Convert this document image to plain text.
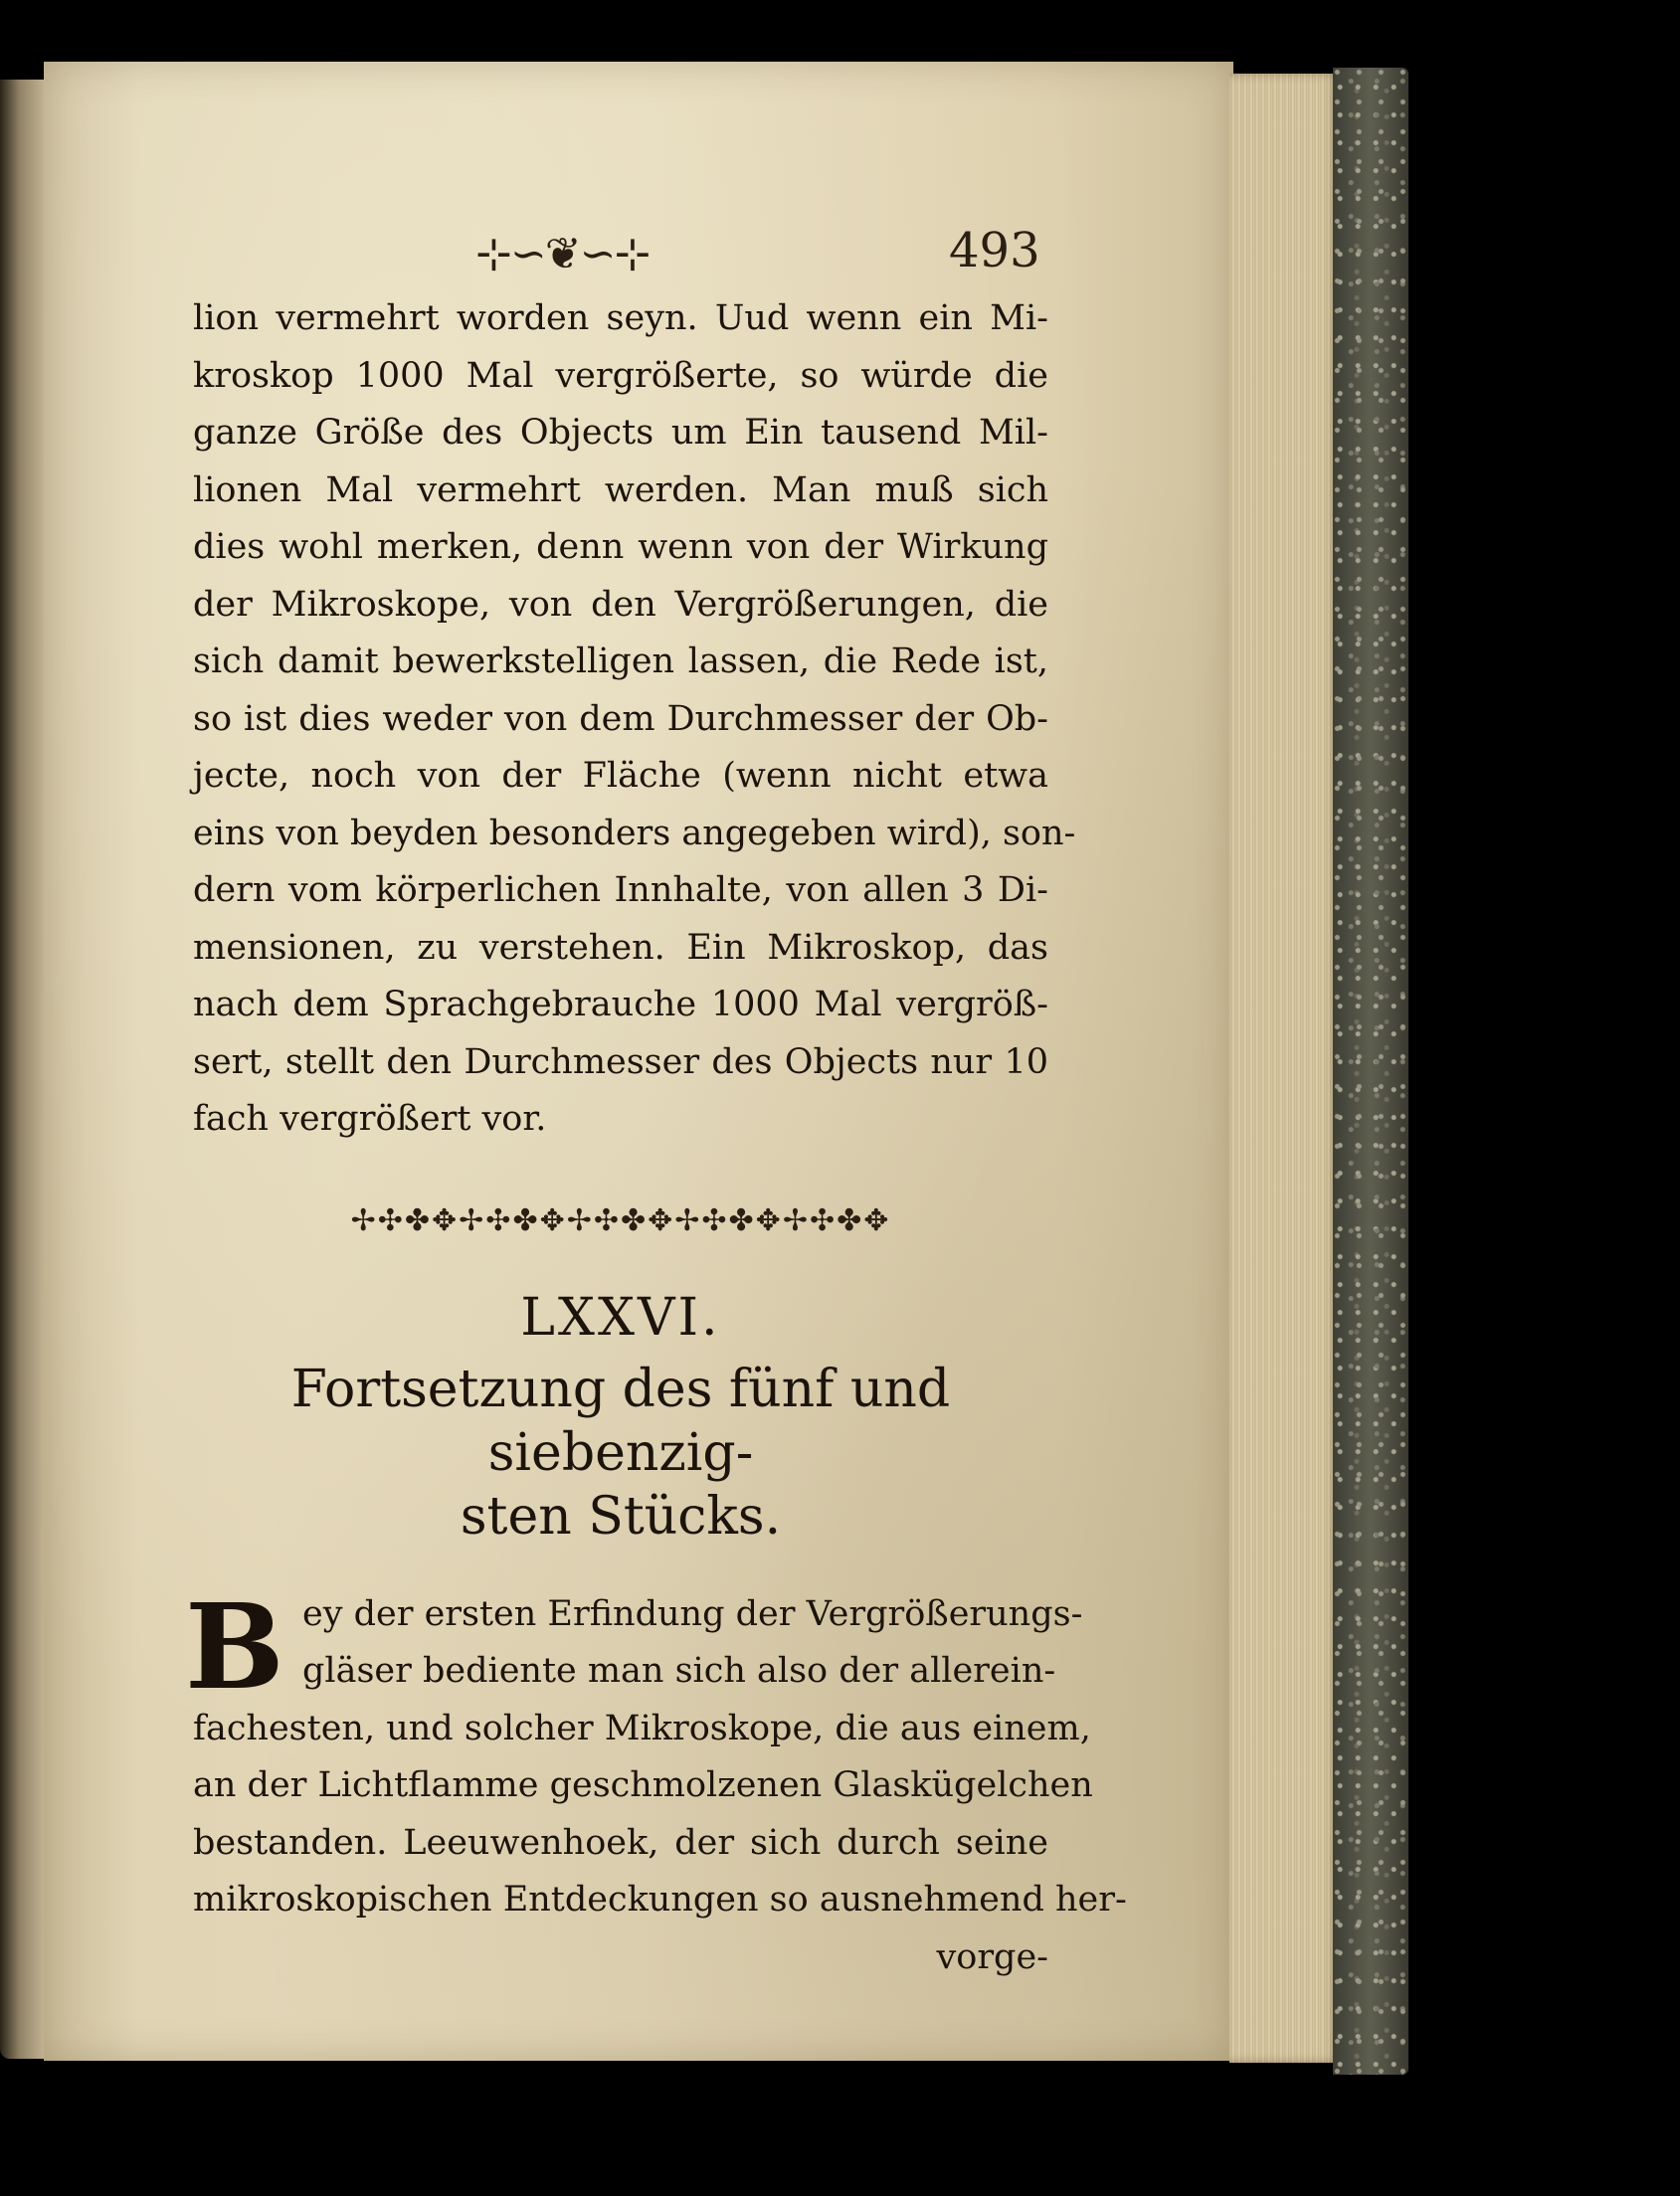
⊹∽❦∽⊹	493
lion vermehrt worden seyn. Uud wenn ein Mi-
kroskop 1000 Mal vergrößerte, so würde die
ganze Größe des Objects um Ein tausend Mil-
lionen Mal vermehrt werden. Man muß sich
dies wohl merken, denn wenn von der Wirkung
der Mikroskope, von den Vergrößerungen, die
sich damit bewerkstelligen lassen, die Rede ist,
so ist dies weder von dem Durchmesser der Ob-
jecte, noch von der Fläche (wenn nicht etwa
eins von beyden besonders angegeben wird), son-
dern vom körperlichen Innhalte, von allen 3 Di-
mensionen, zu verstehen. Ein Mikroskop, das
nach dem Sprachgebrauche 1000 Mal vergröß-
sert, stellt den Durchmesser des Objects nur 10
fach vergrößert vor.
✢✣✤✥✢✣✤✥✢✣✤✥✢✣✤✥✢✣✤✥
LXXVI.
Fortsetzung des fünf und siebenzig-
sten Stücks.
B ey der ersten Erfindung der Vergrößerungs-
gläser bediente man sich also der allerein-
fachesten, und solcher Mikroskope, die aus einem,
an der Lichtflamme geschmolzenen Glaskügelchen
bestanden. Leeuwenhoek, der sich durch seine
mikroskopischen Entdeckungen so ausnehmend her-
vorge-
